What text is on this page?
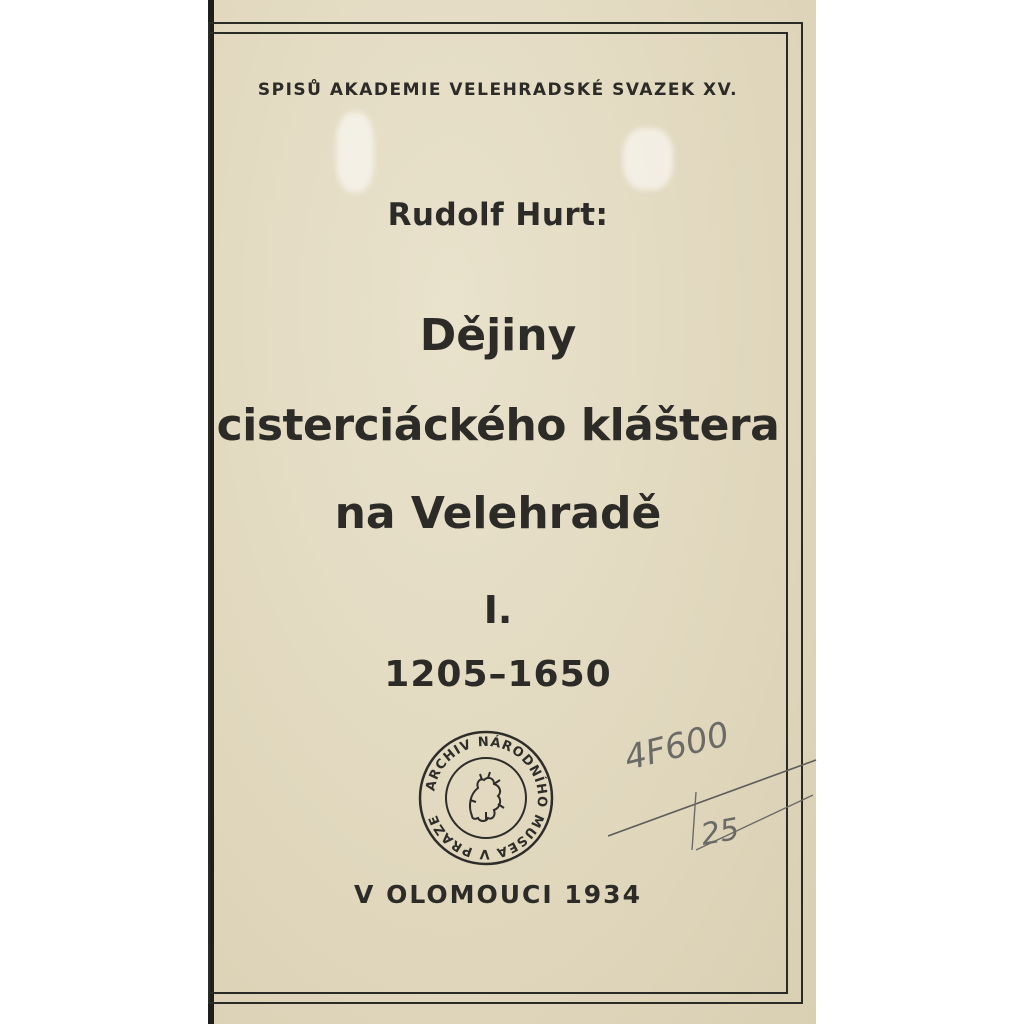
SPISŮ AKADEMIE VELEHRADSKÉ SVAZEK XV.
Rudolf Hurt:
Dějiny
cisterciáckého kláštera
na Velehradě
I.
1205–1650
V OLOMOUCI 1934
ARCHIV NÁRODNÍHO MUSEA V PRAZE
4F600
25
